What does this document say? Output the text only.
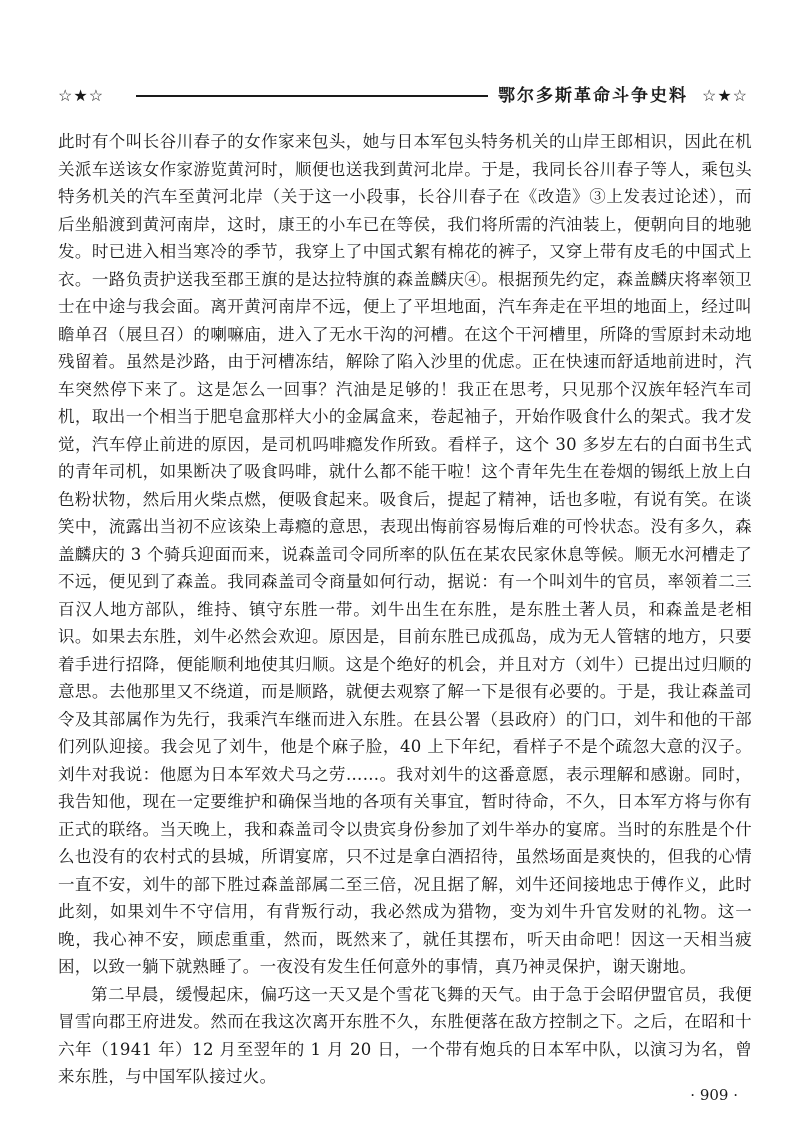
☆★☆	鄂尔多斯革命斗争史料 ☆★☆

此时有个叫长谷川春子的女作家来包头，她与日本军包头特务机关的山岸王郎相识，因此在机关派车送该女作家游览黄河时，顺便也送我到黄河北岸。于是，我同长谷川春子等人，乘包头特务机关的汽车至黄河北岸（关于这一小段事，长谷川春子在《改造》③上发表过论述），而后坐船渡到黄河南岸，这时，康王的小车已在等侯，我们将所需的汽油装上，便朝向目的地驰发。时已进入相当寒冷的季节，我穿上了中国式絮有棉花的裤子，又穿上带有皮毛的中国式上衣。一路负责护送我至郡王旗的是达拉特旗的森盖麟庆④。根据预先约定，森盖麟庆将率领卫士在中途与我会面。离开黄河南岸不远，便上了平坦地面，汽车奔走在平坦的地面上，经过叫瞻单召（展旦召）的喇嘛庙，进入了无水干沟的河槽。在这个干河槽里，所降的雪原封未动地残留着。虽然是沙路，由于河槽冻结，解除了陷入沙里的优虑。正在快速而舒适地前进时，汽车突然停下来了。这是怎么一回事？汽油是足够的！我正在思考，只见那个汉族年轻汽车司机，取出一个相当于肥皂盒那样大小的金属盒来，卷起袖子，开始作吸食什么的架式。我才发觉，汽车停止前进的原因，是司机吗啡瘾发作所致。看样子，这个 30 多岁左右的白面书生式的青年司机，如果断决了吸食吗啡，就什么都不能干啦！这个青年先生在卷烟的锡纸上放上白色粉状物，然后用火柴点燃，便吸食起来。吸食后，提起了精神，话也多啦，有说有笑。在谈笑中，流露出当初不应该染上毒瘾的意思，表现出悔前容易悔后难的可怜状态。没有多久，森盖麟庆的 3 个骑兵迎面而来，说森盖司令同所率的队伍在某农民家休息等候。顺无水河槽走了不远，便见到了森盖。我同森盖司令商量如何行动，据说：有一个叫刘牛的官员，率领着二三百汉人地方部队，维持、镇守东胜一带。刘牛出生在东胜，是东胜土著人员，和森盖是老相识。如果去东胜，刘牛必然会欢迎。原因是，目前东胜已成孤岛，成为无人管辖的地方，只要着手进行招降，便能顺利地使其归顺。这是个绝好的机会，并且对方（刘牛）已提出过归顺的意思。去他那里又不绕道，而是顺路，就便去观察了解一下是很有必要的。于是，我让森盖司令及其部属作为先行，我乘汽车继而进入东胜。在县公署（县政府）的门口，刘牛和他的干部们列队迎接。我会见了刘牛，他是个麻子脸，40 上下年纪，看样子不是个疏忽大意的汉子。刘牛对我说：他愿为日本军效犬马之劳……。我对刘牛的这番意愿，表示理解和感谢。同时，我告知他，现在一定要维护和确保当地的各项有关事宜，暂时待命，不久，日本军方将与你有正式的联络。当天晚上，我和森盖司令以贵宾身份参加了刘牛举办的宴席。当时的东胜是个什么也没有的农村式的县城，所谓宴席，只不过是拿白酒招待，虽然场面是爽快的，但我的心情一直不安，刘牛的部下胜过森盖部属二至三倍，况且据了解，刘牛还间接地忠于傅作义，此时此刻，如果刘牛不守信用，有背叛行动，我必然成为猎物，变为刘牛升官发财的礼物。这一晚，我心神不安，顾虑重重，然而，既然来了，就任其摆布，听天由命吧！因这一天相当疲困，以致一躺下就熟睡了。一夜没有发生任何意外的事情，真乃神灵保护，谢天谢地。

第二早晨，缓慢起床，偏巧这一天又是个雪花飞舞的天气。由于急于会昭伊盟官员，我便冒雪向郡王府进发。然而在我这次离开东胜不久，东胜便落在敌方控制之下。之后，在昭和十六年（1941 年）12 月至翌年的 1 月 20 日，一个带有炮兵的日本军中队，以演习为名，曾来东胜，与中国军队接过火。

· 909 ·
